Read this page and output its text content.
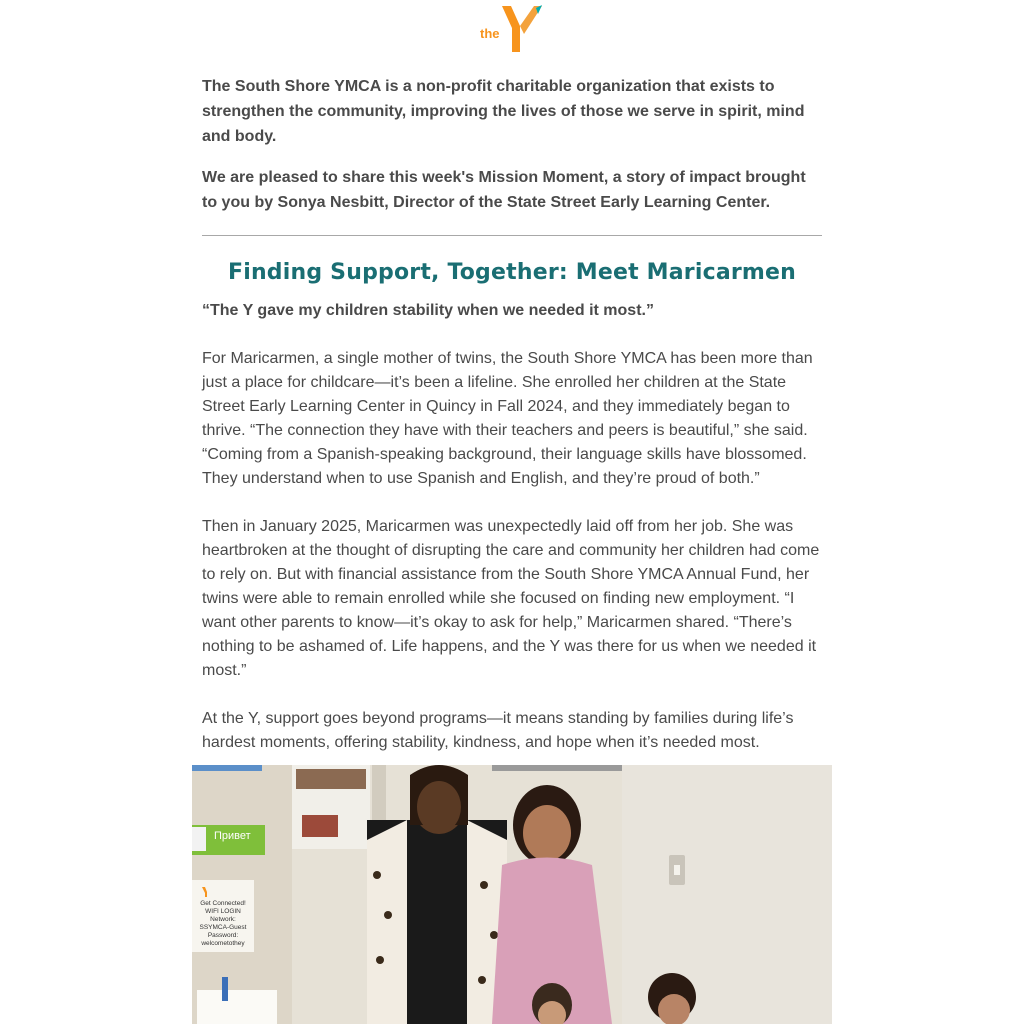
the

The South Shore YMCA is a non-profit charitable organization that exists to strengthen the community, improving the lives of those we serve in spirit, mind and body.

We are pleased to share this week's Mission Moment, a story of impact brought to you by Sonya Nesbitt, Director of the State Street Early Learning Center.

Finding Support, Together: Meet Maricarmen

“The Y gave my children stability when we needed it most.”

For Maricarmen, a single mother of twins, the South Shore YMCA has been more than just a place for childcare—it’s been a lifeline. She enrolled her children at the State Street Early Learning Center in Quincy in Fall 2024, and they immediately began to thrive. “The connection they have with their teachers and peers is beautiful,” she said. “Coming from a Spanish-speaking background, their language skills have blossomed. They understand when to use Spanish and English, and they’re proud of both.”

Then in January 2025, Maricarmen was unexpectedly laid off from her job. She was heartbroken at the thought of disrupting the care and community her children had come to rely on. But with financial assistance from the South Shore YMCA Annual Fund, her twins were able to remain enrolled while she focused on finding new employment. “I want other parents to know—it’s okay to ask for help,” Maricarmen shared. “There’s nothing to be ashamed of. Life happens, and the Y was there for us when we needed it most.”

At the Y, support goes beyond programs—it means standing by families during life’s hardest moments, offering stability, kindness, and hope when it’s needed most.

Привет
Get Connected!
WIFI LOGIN
Network:
SSYMCA-Guest
Password:
welcometothey
